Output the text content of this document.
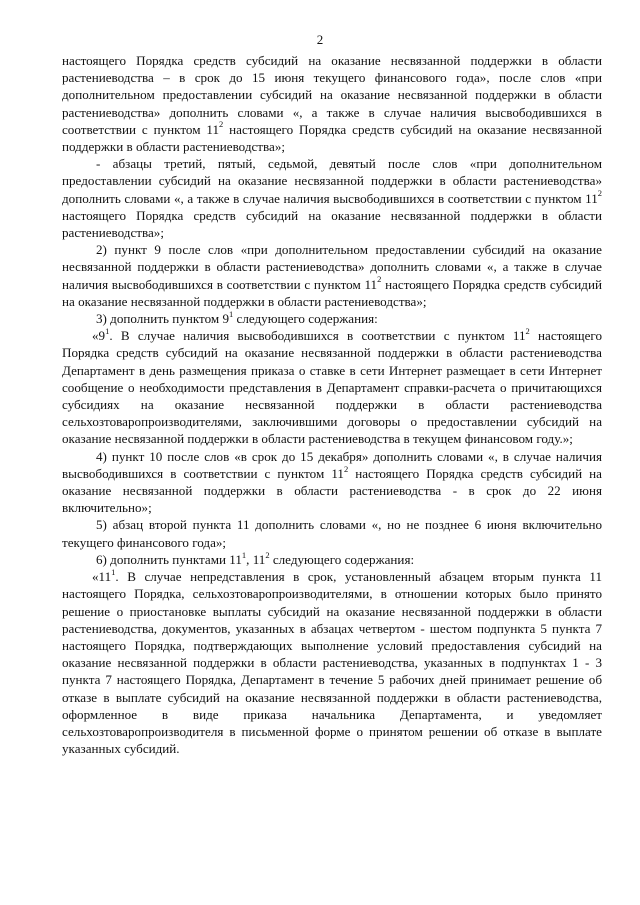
2

настоящего Порядка средств субсидий на оказание несвязанной поддержки в области растениеводства – в срок до 15 июня текущего финансового года», после слов «при дополнительном предоставлении субсидий на оказание несвязанной поддержки в области растениеводства» дополнить словами «, а также в случае наличия высвободившихся в соответствии с пунктом $11^2$ настоящего Порядка средств субсидий на оказание несвязанной поддержки в области растениеводства»;

- абзацы третий, пятый, седьмой, девятый после слов «при дополнительном предоставлении субсидий на оказание несвязанной поддержки в области растениеводства» дополнить словами «, а также в случае наличия высвободившихся в соответствии с пунктом $11^2$ настоящего Порядка средств субсидий на оказание несвязанной поддержки в области растениеводства»;

2) пункт 9 после слов «при дополнительном предоставлении субсидий на оказание несвязанной поддержки в области растениеводства» дополнить словами «, а также в случае наличия высвободившихся в соответствии с пунктом $11^2$ настоящего Порядка средств субсидий на оказание несвязанной поддержки в области растениеводства»;

3) дополнить пунктом $9^1$ следующего содержания:

«$9^1$. В случае наличия высвободившихся в соответствии с пунктом $11^2$ настоящего Порядка средств субсидий на оказание несвязанной поддержки в области растениеводства Департамент в день размещения приказа о ставке в сети Интернет размещает в сети Интернет сообщение о необходимости представления в Департамент справки-расчета о причитающихся субсидиях на оказание несвязанной поддержки в области растениеводства сельхозтоваропроизводителями, заключившими договоры о предоставлении субсидий на оказание несвязанной поддержки в области растениеводства в текущем финансовом году.»;

4) пункт 10 после слов «в срок до 15 декабря» дополнить словами «, в случае наличия высвободившихся в соответствии с пунктом $11^2$ настоящего Порядка средств субсидий на оказание несвязанной поддержки в области растениеводства - в срок до 22 июня включительно»;

5) абзац второй пункта 11 дополнить словами «, но не позднее 6 июня включительно текущего финансового года»;

6) дополнить пунктами $11^1$, $11^2$ следующего содержания:

«$11^1$. В случае непредставления в срок, установленный абзацем вторым пункта 11 настоящего Порядка, сельхозтоваропроизводителями, в отношении которых было принято решение о приостановке выплаты субсидий на оказание несвязанной поддержки в области растениеводства, документов, указанных в абзацах четвертом - шестом подпункта 5 пункта 7 настоящего Порядка, подтверждающих выполнение условий предоставления субсидий на оказание несвязанной поддержки в области растениеводства, указанных в подпунктах 1 - 3 пункта 7 настоящего Порядка, Департамент в течение 5 рабочих дней принимает решение об отказе в выплате субсидий на оказание несвязанной поддержки в области растениеводства, оформленное в виде приказа начальника Департамента, и уведомляет сельхозтоваропроизводителя в письменной форме о принятом решении об отказе в выплате указанных субсидий.
